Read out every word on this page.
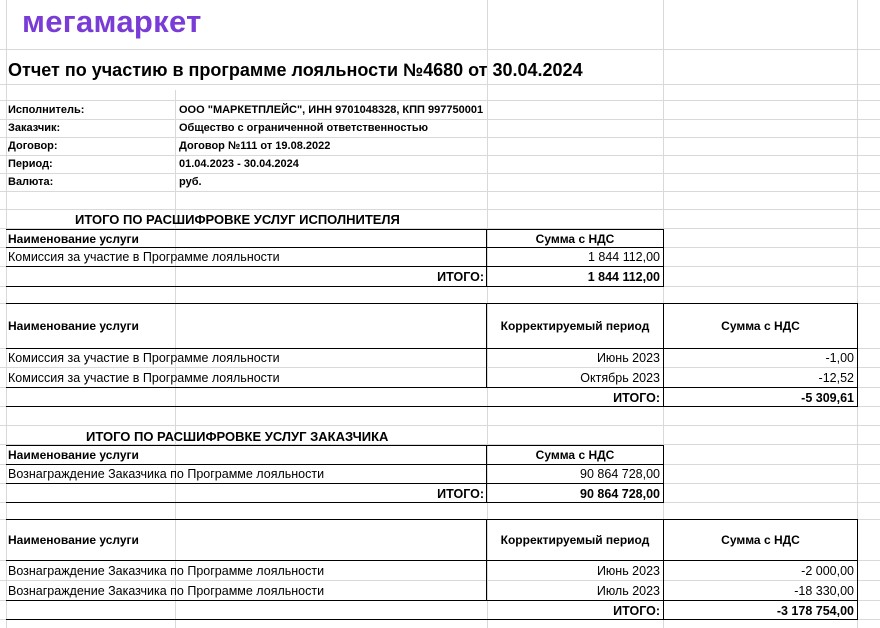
мегамаркет
Отчет по участию в программе лояльности №4680 от 30.04.2024
Исполнитель:	ООО "МАРКЕТПЛЕЙС", ИНН 9701048328, КПП 997750001
Заказчик:	Общество с ограниченной ответственностью
Договор:	Договор №111 от 19.08.2022
Период:	01.04.2023 - 30.04.2024
Валюта:	руб.
ИТОГО ПО РАСШИФРОВКЕ УСЛУГ ИСПОЛНИТЕЛЯ
Наименование услуги	Сумма с НДС
Комиссия за участие в Программе лояльности	1 844 112,00
ИТОГО:	1 844 112,00
Наименование услуги	Корректируемый период	Сумма с НДС
Комиссия за участие в Программе лояльности	Июнь 2023	-1,00
Комиссия за участие в Программе лояльности	Октябрь 2023	-12,52
ИТОГО:	-5 309,61
ИТОГО ПО РАСШИФРОВКЕ УСЛУГ ЗАКАЗЧИКА
Наименование услуги	Сумма с НДС
Вознаграждение Заказчика по Программе лояльности	90 864 728,00
ИТОГО:	90 864 728,00
Наименование услуги	Корректируемый период	Сумма с НДС
Вознаграждение Заказчика по Программе лояльности	Июнь 2023	-2 000,00
Вознаграждение Заказчика по Программе лояльности	Июль 2023	-18 330,00
ИТОГО:	-3 178 754,00
